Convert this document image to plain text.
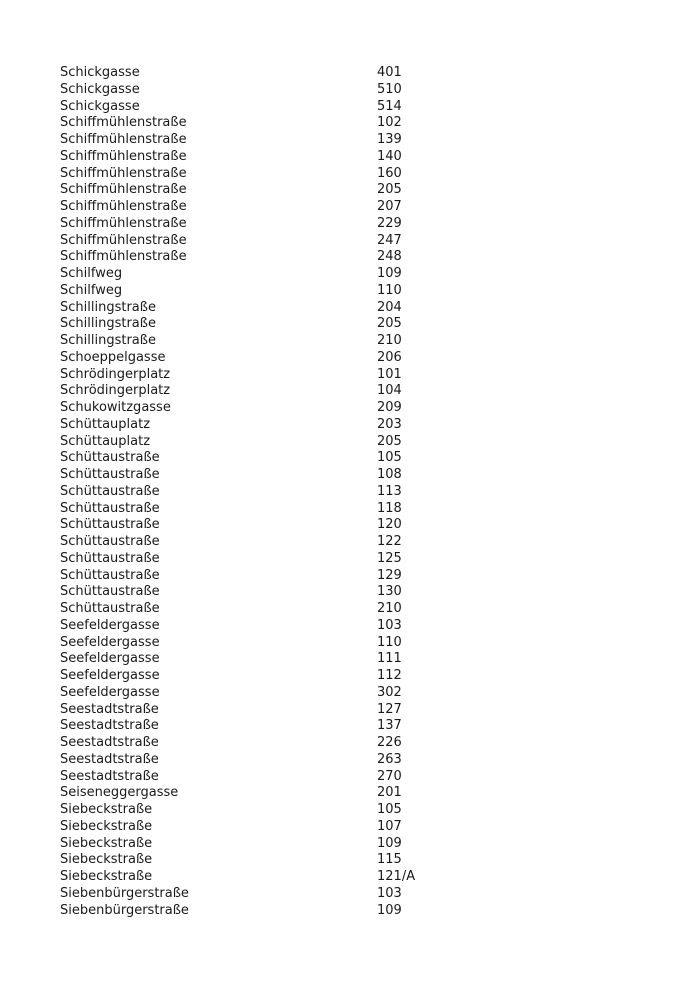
Schickgasse	401
Schickgasse	510
Schickgasse	514
Schiffmühlenstraße	102
Schiffmühlenstraße	139
Schiffmühlenstraße	140
Schiffmühlenstraße	160
Schiffmühlenstraße	205
Schiffmühlenstraße	207
Schiffmühlenstraße	229
Schiffmühlenstraße	247
Schiffmühlenstraße	248
Schilfweg	109
Schilfweg	110
Schillingstraße	204
Schillingstraße	205
Schillingstraße	210
Schoeppelgasse	206
Schrödingerplatz	101
Schrödingerplatz	104
Schukowitzgasse	209
Schüttauplatz	203
Schüttauplatz	205
Schüttaustraße	105
Schüttaustraße	108
Schüttaustraße	113
Schüttaustraße	118
Schüttaustraße	120
Schüttaustraße	122
Schüttaustraße	125
Schüttaustraße	129
Schüttaustraße	130
Schüttaustraße	210
Seefeldergasse	103
Seefeldergasse	110
Seefeldergasse	111
Seefeldergasse	112
Seefeldergasse	302
Seestadtstraße	127
Seestadtstraße	137
Seestadtstraße	226
Seestadtstraße	263
Seestadtstraße	270
Seiseneggergasse	201
Siebeckstraße	105
Siebeckstraße	107
Siebeckstraße	109
Siebeckstraße	115
Siebeckstraße	121/A
Siebenbürgerstraße	103
Siebenbürgerstraße	109
